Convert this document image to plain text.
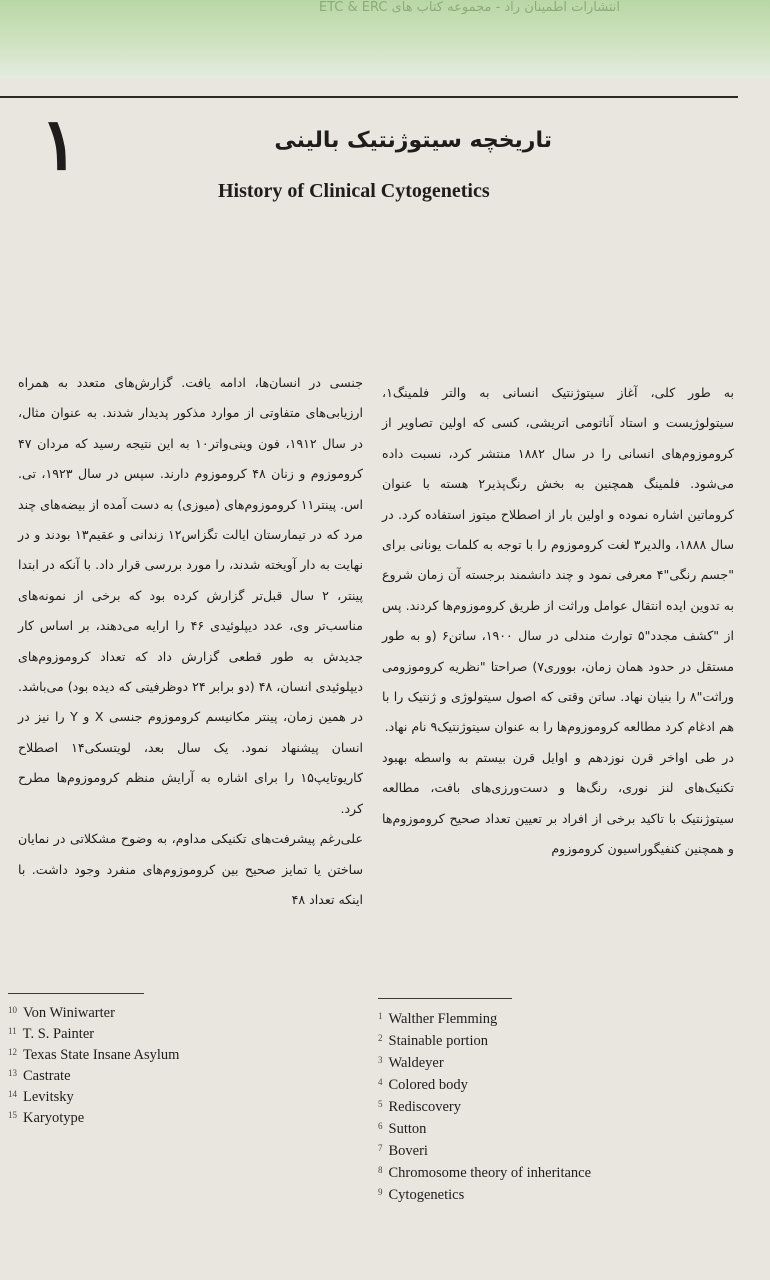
انتشارات اطمینان راد - مجموعه کتاب های ETC & ERC
۱	تاریخچه سیتوژنتیک بالینی
History of Clinical Cytogenetics

به طور کلی، آغاز سیتوژنتیک انسانی به والتر فلمینگ۱، سیتولوژیست و استاد آناتومی اتریشی، کسی که اولین تصاویر از کروموزوم‌های انسانی را در سال ۱۸۸۲ منتشر کرد، نسبت داده می‌شود. فلمینگ همچنین به بخش رنگ‌پذیر۲ هسته با عنوان کروماتین اشاره نموده و اولین بار از اصطلاح میتوز استفاده کرد. در سال ۱۸۸۸، والدیر۳ لغت کروموزوم را با توجه به کلمات یونانی برای "جسم رنگی"۴ معرفی نمود و چند دانشمند برجسته آن زمان شروع به تدوین ایده انتقال عوامل وراثت از طریق کروموزوم‌ها کردند. پس از "کشف مجدد"۵ توارث مندلی در سال ۱۹۰۰، ساتن۶ (و به طور مستقل در حدود همان زمان، بووری۷) صراحتا "نظریه کروموزومی وراثت"۸ را بنیان نهاد. ساتن وقتی که اصول سیتولوژی و ژنتیک را با هم ادغام کرد مطالعه کروموزوم‌ها را به عنوان سیتوژنتیک۹ نام نهاد.

در طی اواخر قرن نوزدهم و اوایل قرن بیستم به واسطه بهبود تکنیک‌های لنز نوری، رنگ‌ها و دست‌ورزی‌های بافت، مطالعه سیتوژنتیک با تاکید برخی از افراد بر تعیین تعداد صحیح کروموزوم‌ها و همچنین کنفیگوراسیون کروموزوم

جنسی در انسان‌ها، ادامه یافت. گزارش‌های متعدد به همراه ارزیابی‌های متفاوتی از موارد مذکور پدیدار شدند. به عنوان مثال، در سال ۱۹۱۲، فون وینی‌واتر۱۰ به این نتیجه رسید که مردان ۴۷ کروموزوم و زنان ۴۸ کروموزوم دارند. سپس در سال ۱۹۲۳، تی. اس. پینتر۱۱ کروموزوم‌های (میوزی) به دست آمده از بیضه‌های چند مرد که در تیمارستان ایالت تگزاس۱۲ زندانی و عقیم۱۳ بودند و در نهایت به دار آویخته شدند، را مورد بررسی قرار داد. با آنکه در ابتدا پینتر، ۲ سال قبل‌تر گزارش کرده بود که برخی از نمونه‌های مناسب‌تر وی، عدد دیپلوئیدی ۴۶ را ارایه می‌دهند، بر اساس کار جدیدش به طور قطعی گزارش داد که تعداد کروموزوم‌های دیپلوئیدی انسان، ۴۸ (دو برابر ۲۴ دوظرفیتی که دیده بود) می‌باشد. در همین زمان، پینتر مکانیسم کروموزوم جنسی X و Y را نیز در انسان پیشنهاد نمود. یک سال بعد، لویتسکی۱۴ اصطلاح کاریوتایپ۱۵ را برای اشاره به آرایش منظم کروموزوم‌ها مطرح کرد.

علی‌رغم پیشرفت‌های تکنیکی مداوم، به وضوح مشکلاتی در نمایان ساختن یا تمایز صحیح بین کروموزوم‌های منفرد وجود داشت. با اینکه تعداد ۴۸

$^{10}$ Von Winiwarter
$^{11}$ T. S. Painter
$^{12}$ Texas State Insane Asylum
$^{13}$ Castrate
$^{14}$ Levitsky
$^{15}$ Karyotype
$^1$ Walther Flemming
$^2$ Stainable portion
$^3$ Waldeyer
$^4$ Colored body
$^5$ Rediscovery
$^6$ Sutton
$^7$ Boveri
$^8$ Chromosome theory of inheritance
$^9$ Cytogenetics
